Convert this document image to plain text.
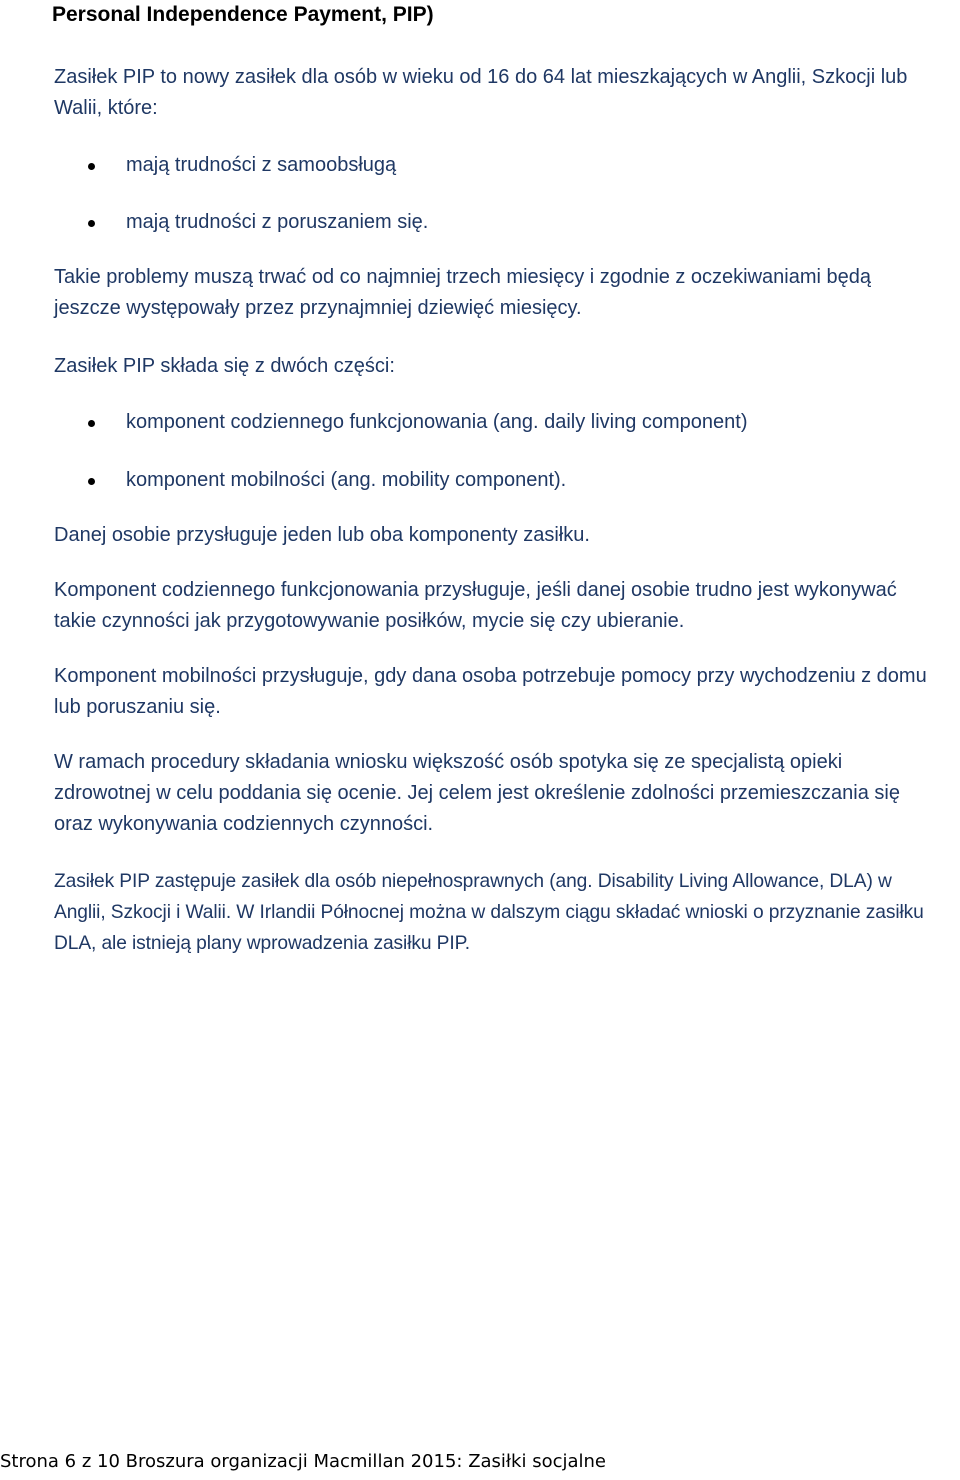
Personal Independence Payment, PIP)
Zasiłek PIP to nowy zasiłek dla osób w wieku od 16 do 64 lat mieszkających w Anglii, Szkocji lub Walii, które:
mają trudności z samoobsługą
mają trudności z poruszaniem się.
Takie problemy muszą trwać od co najmniej trzech miesięcy i zgodnie z oczekiwaniami będą jeszcze występowały przez przynajmniej dziewięć miesięcy.
Zasiłek PIP składa się z dwóch części:
komponent codziennego funkcjonowania (ang. daily living component)
komponent mobilności (ang. mobility component).
Danej osobie przysługuje jeden lub oba komponenty zasiłku.
Komponent codziennego funkcjonowania przysługuje, jeśli danej osobie trudno jest wykonywać takie czynności jak przygotowywanie posiłków, mycie się czy ubieranie.
Komponent mobilności przysługuje, gdy dana osoba potrzebuje pomocy przy wychodzeniu z domu lub poruszaniu się.
W ramach procedury składania wniosku większość osób spotyka się ze specjalistą opieki zdrowotnej w celu poddania się ocenie. Jej celem jest określenie zdolności przemieszczania się oraz wykonywania codziennych czynności.
Zasiłek PIP zastępuje zasiłek dla osób niepełnosprawnych (ang. Disability Living Allowance, DLA) w Anglii, Szkocji i Walii. W Irlandii Północnej można w dalszym ciągu składać wnioski o przyznanie zasiłku DLA, ale istnieją plany wprowadzenia zasiłku PIP.
Strona 6 z 10 Broszura organizacji Macmillan 2015: Zasiłki socjalne
